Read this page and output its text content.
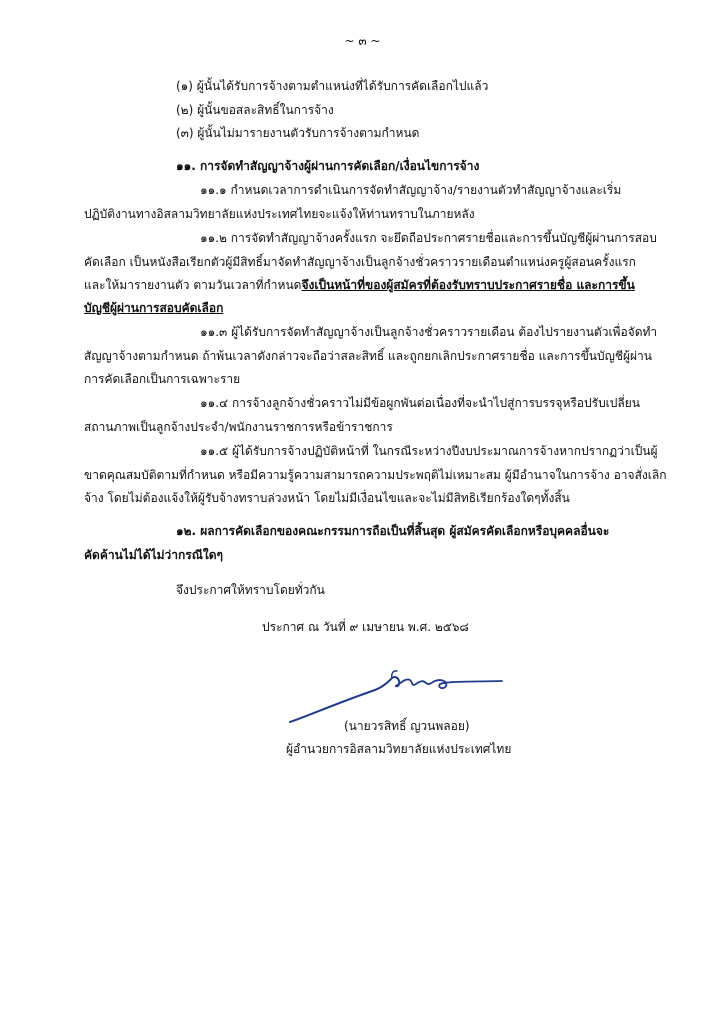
~ ๓ ~
(๑) ผู้นั้นได้รับการจ้างตามตำแหน่งที่ได้รับการคัดเลือกไปแล้ว
(๒) ผู้นั้นขอสละสิทธิ์ในการจ้าง
(๓) ผู้นั้นไม่มารายงานตัวรับการจ้างตามกำหนด
๑๑. การจัดทำสัญญาจ้างผู้ผ่านการคัดเลือก/เงื่อนไขการจ้าง
๑๑.๑ กำหนดเวลาการดำเนินการจัดทำสัญญาจ้าง/รายงานตัวทำสัญญาจ้างและเริ่ม
ปฏิบัติงานทางอิสลามวิทยาลัยแห่งประเทศไทยจะแจ้งให้ท่านทราบในภายหลัง
๑๑.๒ การจัดทำสัญญาจ้างครั้งแรก จะยึดถือประกาศรายชื่อและการขึ้นบัญชีผู้ผ่านการสอบ
คัดเลือก เป็นหนังสือเรียกตัวผู้มีสิทธิ์มาจัดทำสัญญาจ้างเป็นลูกจ้างชั่วคราวรายเดือนตำแหน่งครูผู้สอนครั้งแรก
และให้มารายงานตัว ตามวันเวลาที่กำหนดจึงเป็นหน้าที่ของผู้สมัครที่ต้องรับทราบประกาศรายชื่อ และการขึ้น
บัญชีผู้ผ่านการสอบคัดเลือก
๑๑.๓ ผู้ได้รับการจัดทำสัญญาจ้างเป็นลูกจ้างชั่วคราวรายเดือน ต้องไปรายงานตัวเพื่อจัดทำ
สัญญาจ้างตามกำหนด ถ้าพ้นเวลาดังกล่าวจะถือว่าสละสิทธิ์ และถูกยกเลิกประกาศรายชื่อ และการขึ้นบัญชีผู้ผ่าน
การคัดเลือกเป็นการเฉพาะราย
๑๑.๔ การจ้างลูกจ้างชั่วคราวไม่มีข้อผูกพันต่อเนื่องที่จะนำไปสู่การบรรจุหรือปรับเปลี่ยน
สถานภาพเป็นลูกจ้างประจำ/พนักงานราชการหรือข้าราชการ
๑๑.๕ ผู้ได้รับการจ้างปฏิบัติหน้าที่ ในกรณีระหว่างปีงบประมาณการจ้างหากปรากฏว่าเป็นผู้
ขาดคุณสมบัติตามที่กำหนด หรือมีความรู้ความสามารถความประพฤติไม่เหมาะสม ผู้มีอำนาจในการจ้าง อาจสั่งเลิก
จ้าง โดยไม่ต้องแจ้งให้ผู้รับจ้างทราบล่วงหน้า โดยไม่มีเงื่อนไขและจะไม่มีสิทธิเรียกร้องใดๆทั้งสิ้น
๑๒. ผลการคัดเลือกของคณะกรรมการถือเป็นที่สิ้นสุด ผู้สมัครคัดเลือกหรือบุคคลอื่นจะ
คัดค้านไม่ได้ไม่ว่ากรณีใดๆ
จึงประกาศให้ทราบโดยทั่วกัน
ประกาศ ณ วันที่ ๙ เมษายน พ.ศ. ๒๕๖๘
(นายวรสิทธิ์ ญวนพลอย)
ผู้อำนวยการอิสลามวิทยาลัยแห่งประเทศไทย
